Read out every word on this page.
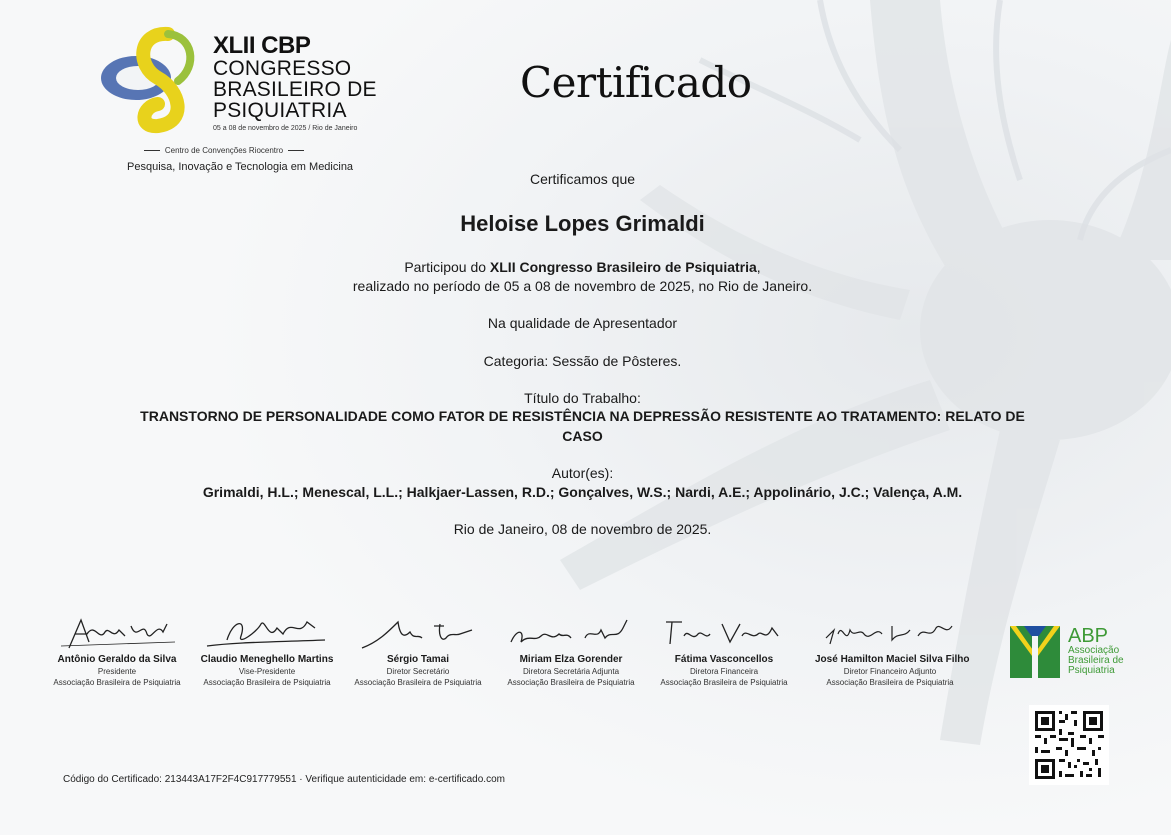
XLII CBP
CONGRESSO
BRASILEIRO DE
PSIQUIATRIA
05 a 08 de novembro de 2025 / Rio de Janeiro
Centro de Convenções Riocentro
Pesquisa, Inovação e Tecnologia em Medicina
Certificado
Certificamos que
Heloise Lopes Grimaldi
Participou do XLII Congresso Brasileiro de Psiquiatria,
realizado no período de 05 a 08 de novembro de 2025, no Rio de Janeiro.
Na qualidade de Apresentador
Categoria: Sessão de Pôsteres.
Título do Trabalho:
TRANSTORNO DE PERSONALIDADE COMO FATOR DE RESISTÊNCIA NA DEPRESSÃO RESISTENTE AO TRATAMENTO: RELATO DE
CASO
Autor(es):
Grimaldi, H.L.; Menescal, L.L.; Halkjaer-Lassen, R.D.; Gonçalves, W.S.; Nardi, A.E.; Appolinário, J.C.; Valença, A.M.
Rio de Janeiro, 08 de novembro de 2025.
Antônio Geraldo da Silva
Presidente
Associação Brasileira de Psiquiatria
Claudio Meneghello Martins
Vise-Presidente
Associação Brasileira de Psiquiatria
Sérgio Tamai
Diretor Secretário
Associação Brasileira de Psiquiatria
Miriam Elza Gorender
Diretora Secretária Adjunta
Associação Brasileira de Psiquiatria
Fátima Vasconcellos
Diretora Financeira
Associação Brasileira de Psiquiatria
José Hamilton Maciel Silva Filho
Diretor Financeiro Adjunto
Associação Brasileira de Psiquiatria
ABP
Associação
Brasileira de
Psiquiatria
Código do Certificado: 213443A17F2F4C917779551 · Verifique autenticidade em: e-certificado.com
